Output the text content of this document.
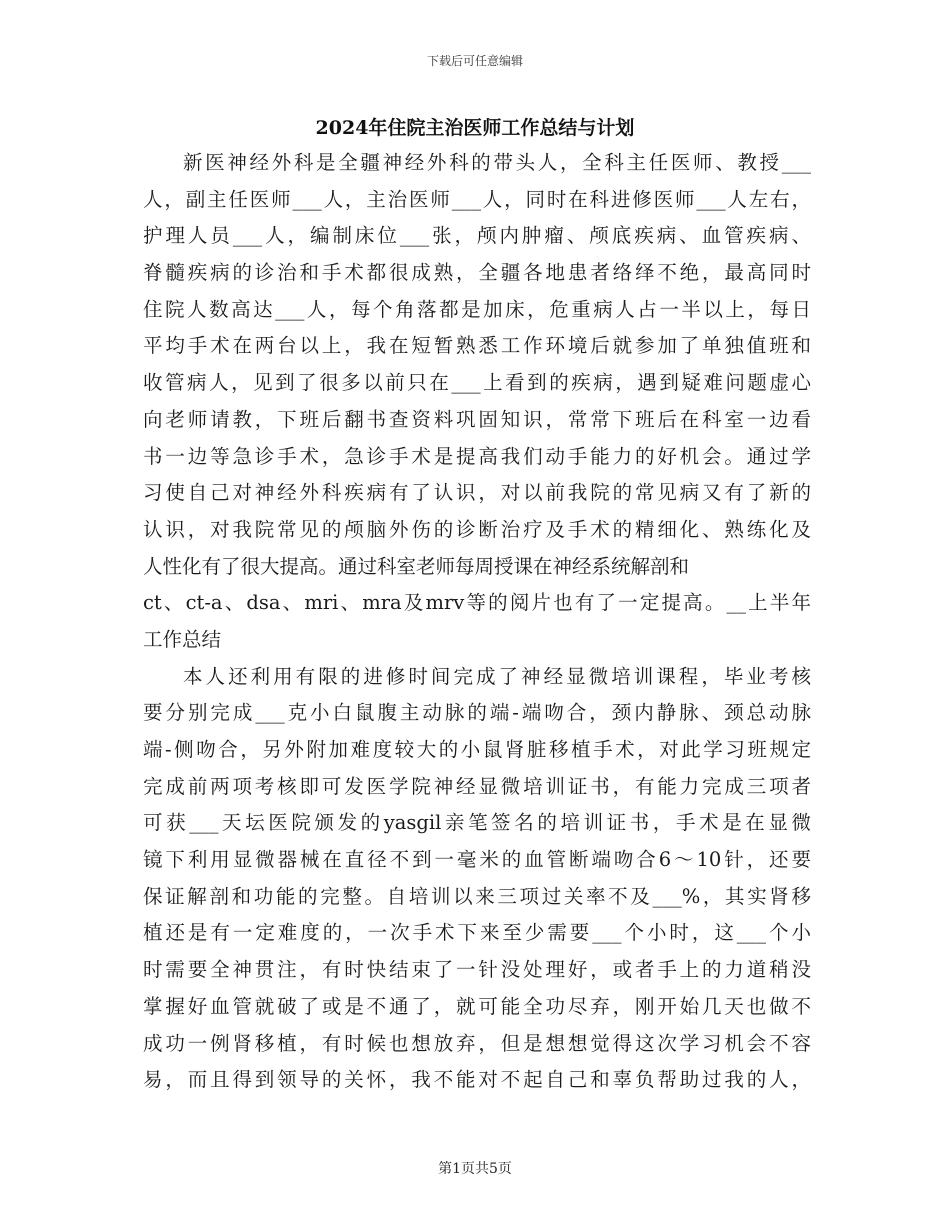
下载后可任意编辑
2024年住院主治医师工作总结与计划
新医神经外科是全疆神经外科的带头人，全科主任医师、教授___
人，副主任医师___人，主治医师___人，同时在科进修医师___人左右，
护理人员___人，编制床位___张，颅内肿瘤、颅底疾病、血管疾病、
脊髓疾病的诊治和手术都很成熟，全疆各地患者络绎不绝，最高同时
住院人数高达___人，每个角落都是加床，危重病人占一半以上，每日
平均手术在两台以上，我在短暂熟悉工作环境后就参加了单独值班和
收管病人，见到了很多以前只在___上看到的疾病，遇到疑难问题虚心
向老师请教，下班后翻书查资料巩固知识，常常下班后在科室一边看
书一边等急诊手术，急诊手术是提高我们动手能力的好机会。通过学
习使自己对神经外科疾病有了认识，对以前我院的常见病又有了新的
认识，对我院常见的颅脑外伤的诊断治疗及手术的精细化、熟练化及
人性化有了很大提高。通过科室老师每周授课在神经系统解剖和
ct、ct-a、dsa、mri、mra及mrv等的阅片也有了一定提高。__上半年
工作总结
本人还利用有限的进修时间完成了神经显微培训课程，毕业考核
要分别完成___克小白鼠腹主动脉的端-端吻合，颈内静脉、颈总动脉
端-侧吻合，另外附加难度较大的小鼠肾脏移植手术，对此学习班规定
完成前两项考核即可发医学院神经显微培训证书，有能力完成三项者
可获___天坛医院颁发的yasgil亲笔签名的培训证书，手术是在显微
镜下利用显微器械在直径不到一毫米的血管断端吻合6～10针，还要
保证解剖和功能的完整。自培训以来三项过关率不及___%，其实肾移
植还是有一定难度的，一次手术下来至少需要___个小时，这___个小
时需要全神贯注，有时快结束了一针没处理好，或者手上的力道稍没
掌握好血管就破了或是不通了，就可能全功尽弃，刚开始几天也做不
成功一例肾移植，有时候也想放弃，但是想想觉得这次学习机会不容
易，而且得到领导的关怀，我不能对不起自己和辜负帮助过我的人，
第1页共5页
